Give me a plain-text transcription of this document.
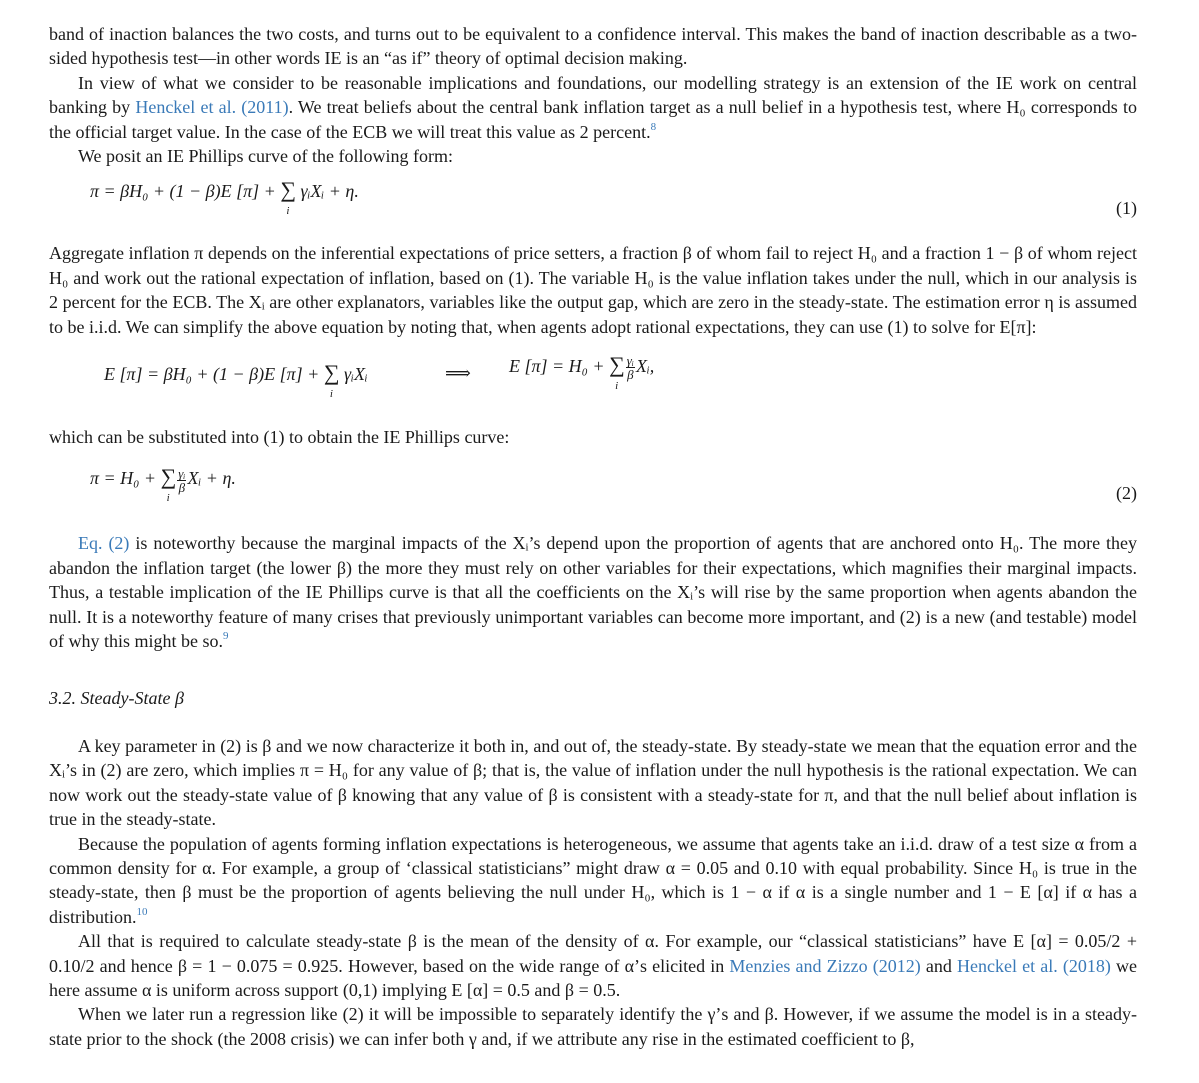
band of inaction balances the two costs, and turns out to be equivalent to a confidence interval. This makes the band of inaction describable as a two-sided hypothesis test—in other words IE is an “as if” theory of optimal decision making.

In view of what we consider to be reasonable implications and foundations, our modelling strategy is an extension of the IE work on central banking by Henckel et al. (2011). We treat beliefs about the central bank inflation target as a null belief in a hypothesis test, where H₀ corresponds to the official target value. In the case of the ECB we will treat this value as 2 percent.$^8$

We posit an IE Phillips curve of the following form:

π = βH₀ + (1 − β)E [π] + ∑
i
γᵢXᵢ + η.
(1)

Aggregate inflation π depends on the inferential expectations of price setters, a fraction β of whom fail to reject H₀ and a fraction 1 − β of whom reject H₀ and work out the rational expectation of inflation, based on (1). The variable H₀ is the value inflation takes under the null, which in our analysis is 2 percent for the ECB. The Xᵢ are other explanators, variables like the output gap, which are zero in the steady-state. The estimation error η is assumed to be i.i.d. We can simplify the above equation by noting that, when agents adopt rational expectations, they can use (1) to solve for E[π]:

E [π] = βH₀ + (1 − β)E [π] + ∑
i
γᵢXᵢ	⟹ E [π] = H₀ + ∑
i
$\frac{\text{γᵢ}}{\beta}$ Xᵢ,

which can be substituted into (1) to obtain the IE Phillips curve:

π = H₀ + ∑
i
$\frac{\text{γᵢ}}{\beta}$ Xᵢ + η.
(2)

Eq. (2) is noteworthy because the marginal impacts of the Xᵢ’s depend upon the proportion of agents that are anchored onto H₀. The more they abandon the inflation target (the lower β) the more they must rely on other variables for their expectations, which magnifies their marginal impacts. Thus, a testable implication of the IE Phillips curve is that all the coefficients on the Xᵢ’s will rise by the same proportion when agents abandon the null. It is a noteworthy feature of many crises that previously unimportant variables can become more important, and (2) is a new (and testable) model of why this might be so.$^9$

3.2. Steady-State β

A key parameter in (2) is β and we now characterize it both in, and out of, the steady-state. By steady-state we mean that the equation error and the Xᵢ’s in (2) are zero, which implies π = H₀ for any value of β; that is, the value of inflation under the null hypothesis is the rational expectation. We can now work out the steady-state value of β knowing that any value of β is consistent with a steady-state for π, and that the null belief about inflation is true in the steady-state.

Because the population of agents forming inflation expectations is heterogeneous, we assume that agents take an i.i.d. draw of a test size α from a common density for α. For example, a group of ‘classical statisticians” might draw α = 0.05 and 0.10 with equal probability. Since H₀ is true in the steady-state, then β must be the proportion of agents believing the null under H₀, which is 1 − α if α is a single number and 1 − E [α] if α has a distribution.$^{10}$

All that is required to calculate steady-state β is the mean of the density of α. For example, our “classical statisticians” have E [α] = 0.05/2 + 0.10/2 and hence β = 1 − 0.075 = 0.925. However, based on the wide range of α’s elicited in Menzies and Zizzo (2012) and Henckel et al. (2018) we here assume α is uniform across support (0,1) implying E [α] = 0.5 and β = 0.5.

When we later run a regression like (2) it will be impossible to separately identify the γ’s and β. However, if we assume the model is in a steady-state prior to the shock (the 2008 crisis) we can infer both γ and, if we attribute any rise in the estimated coefficient to β,
